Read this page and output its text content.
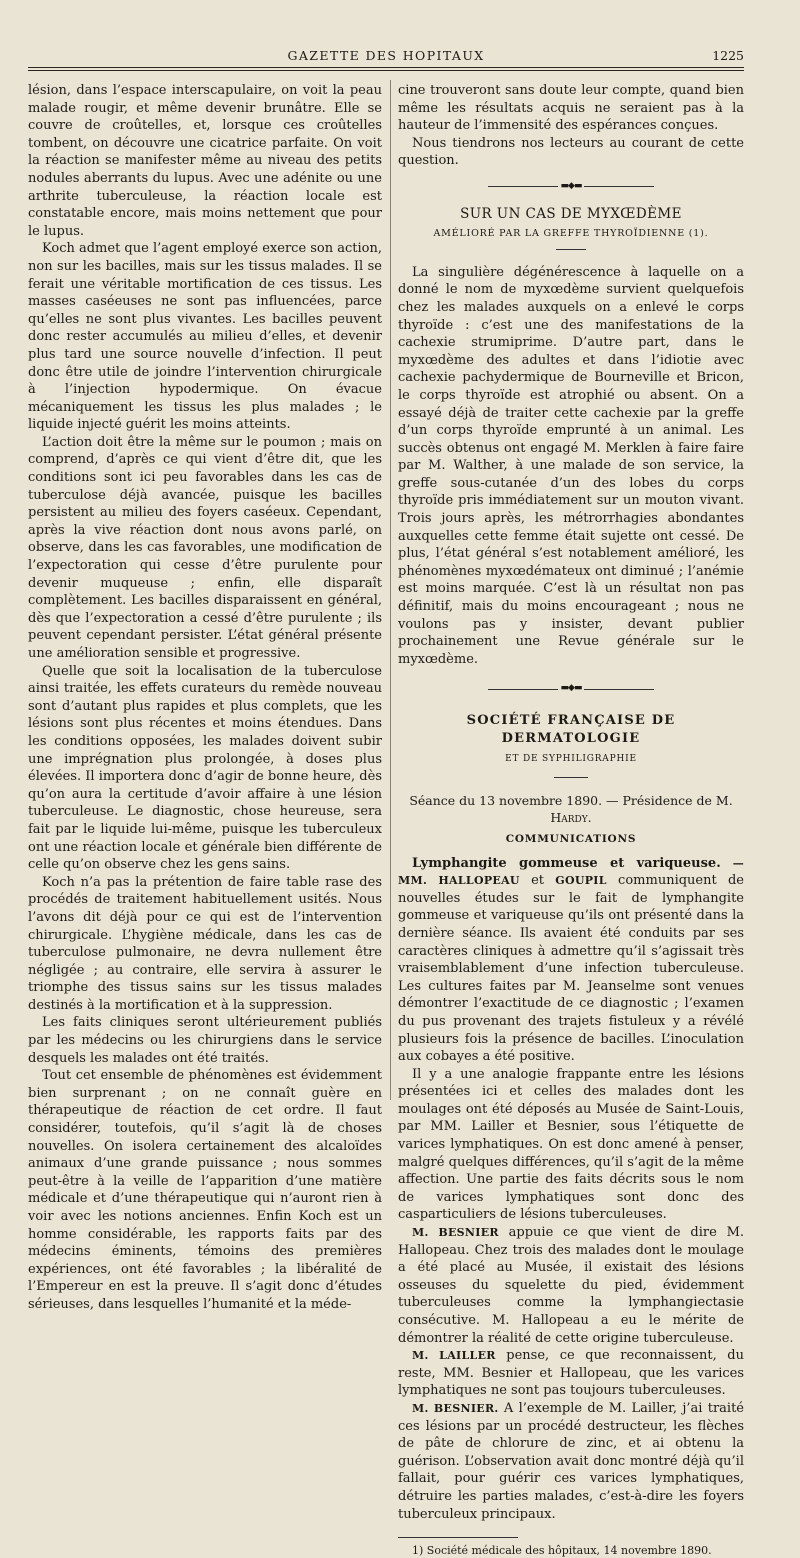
GAZETTE DES HOPITAUX	1225

lésion, dans l’espace interscapulaire, on voit la peau malade rougir, et même devenir brunâtre. Elle se couvre de croûtelles, et, lorsque ces croûtelles tombent, on découvre une cicatrice parfaite. On voit la réaction se manifester même au niveau des petits nodules aberrants du lupus. Avec une adénite ou une arthrite tuberculeuse, la réaction locale est constatable encore, mais moins nettement que pour le lupus.

Koch admet que l’agent employé exerce son action, non sur les bacilles, mais sur les tissus malades. Il se ferait une véritable mortification de ces tissus. Les masses caséeuses ne sont pas influencées, parce qu’elles ne sont plus vivantes. Les bacilles peuvent donc rester accumulés au milieu d’elles, et devenir plus tard une source nouvelle d’infection. Il peut donc être utile de joindre l’intervention chirurgicale à l’injection hypodermique. On évacue mécaniquement les tissus les plus malades ; le liquide injecté guérit les moins atteints.

L’action doit être la même sur le poumon ; mais on comprend, d’après ce qui vient d’être dit, que les conditions sont ici peu favorables dans les cas de tuberculose déjà avancée, puisque les bacilles persistent au milieu des foyers caséeux. Cependant, après la vive réaction dont nous avons parlé, on observe, dans les cas favorables, une modification de l’expectoration qui cesse d’être purulente pour devenir muqueuse ; enfin, elle disparaît complètement. Les bacilles disparaissent en général, dès que l’expectoration a cessé d’être purulente ; ils peuvent cependant persister. L’état général présente une amélioration sensible et progressive.

Quelle que soit la localisation de la tuberculose ainsi traitée, les effets curateurs du remède nouveau sont d’autant plus rapides et plus complets, que les lésions sont plus récentes et moins étendues. Dans les conditions opposées, les malades doivent subir une imprégnation plus prolongée, à doses plus élevées. Il importera donc d’agir de bonne heure, dès qu’on aura la certitude d’avoir affaire à une lésion tuberculeuse. Le diagnostic, chose heureuse, sera fait par le liquide lui-même, puisque les tuberculeux ont une réaction locale et générale bien différente de celle qu’on observe chez les gens sains.

Koch n’a pas la prétention de faire table rase des procédés de traitement habituellement usités. Nous l’avons dit déjà pour ce qui est de l’intervention chirurgicale. L’hygiène médicale, dans les cas de tuberculose pulmonaire, ne devra nullement être négligée ; au contraire, elle servira à assurer le triomphe des tissus sains sur les tissus malades destinés à la mortification et à la suppression.

Les faits cliniques seront ultérieurement publiés par les médecins ou les chirurgiens dans le service desquels les malades ont été traités.

Tout cet ensemble de phénomènes est évidemment bien surprenant ; on ne connaît guère en thérapeutique de réaction de cet ordre. Il faut considérer, toutefois, qu’il s’agit là de choses nouvelles. On isolera certainement des alcaloïdes animaux d’une grande puissance ; nous sommes peut-être à la veille de l’apparition d’une matière médicale et d’une thérapeutique qui n’auront rien à voir avec les notions anciennes. Enfin Koch est un homme considérable, les rapports faits par des médecins éminents, témoins des premières expériences, ont été favorables ; la libéralité de l’Empereur en est la preuve. Il s’agit donc d’études sérieuses, dans lesquelles l’humanité et la méde-

cine trouveront sans doute leur compte, quand bien même les résultats acquis ne seraient pas à la hauteur de l’immensité des espérances conçues.

Nous tiendrons nos lecteurs au courant de cette question.

▬◆▬
SUR UN CAS DE MYXŒDÈME
AMÉLIORÉ PAR LA GREFFE THYROÏDIENNE (1).

La singulière dégénérescence à laquelle on a donné le nom de myxœdème survient quelquefois chez les malades auxquels on a enlevé le corps thyroïde : c’est une des manifestations de la cachexie strumiprime. D’autre part, dans le myxœdème des adultes et dans l’idiotie avec cachexie pachydermique de Bourneville et Bricon, le corps thyroïde est atrophié ou absent. On a essayé déjà de traiter cette cachexie par la greffe d’un corps thyroïde emprunté à un animal. Les succès obtenus ont engagé M. Merklen à faire faire par M. Walther, à une malade de son service, la greffe sous-cutanée d’un des lobes du corps thyroïde pris immédiatement sur un mouton vivant. Trois jours après, les métrorrhagies abondantes auxquelles cette femme était sujette ont cessé. De plus, l’état général s’est notablement amélioré, les phénomènes myxœdémateux ont diminué ; l’anémie est moins marquée. C’est là un résultat non pas définitif, mais du moins encourageant ; nous ne voulons pas y insister, devant publier prochainement une Revue générale sur le myxœdème.

▬◆▬
SOCIÉTÉ FRANÇAISE DE DERMATOLOGIE
ET DE SYPHILIGRAPHIE
Séance du 13 novembre 1890. — Présidence de M. Hardy.
COMMUNICATIONS

Lymphangite gommeuse et variqueuse. — MM. HALLOPEAU et GOUPIL communiquent de nouvelles études sur le fait de lymphangite gommeuse et variqueuse qu’ils ont présenté dans la dernière séance. Ils avaient été conduits par ses caractères cliniques à admettre qu’il s’agissait très vraisemblablement d’une infection tuberculeuse. Les cultures faites par M. Jeanselme sont venues démontrer l’exactitude de ce diagnostic ; l’examen du pus provenant des trajets fistuleux y a révélé plusieurs fois la présence de bacilles. L’inoculation aux cobayes a été positive.

Il y a une analogie frappante entre les lésions présentées ici et celles des malades dont les moulages ont été déposés au Musée de Saint-Louis, par MM. Lailler et Besnier, sous l’étiquette de varices lymphatiques. On est donc amené à penser, malgré quelques différences, qu’il s’agit de la même affection. Une partie des faits décrits sous le nom de varices lymphatiques sont donc des casparticuliers de lésions tuberculeuses.

M. BESNIER appuie ce que vient de dire M. Hallopeau. Chez trois des malades dont le moulage a été placé au Musée, il existait des lésions osseuses du squelette du pied, évidemment tuberculeuses comme la lymphangiectasie consécutive. M. Hallopeau a eu le mérite de démontrer la réalité de cette origine tuberculeuse.

M. LAILLER pense, ce que reconnaissent, du reste, MM. Besnier et Hallopeau, que les varices lymphatiques ne sont pas toujours tuberculeuses.

M. BESNIER. A l’exemple de M. Lailler, j’ai traité ces lésions par un procédé destructeur, les flèches de pâte de chlorure de zinc, et ai obtenu la guérison. L’observation avait donc montré déjà qu’il fallait, pour guérir ces varices lymphatiques, détruire les parties malades, c’est-à-dire les foyers tuberculeux principaux.

1) Société médicale des hôpitaux, 14 novembre 1890.
